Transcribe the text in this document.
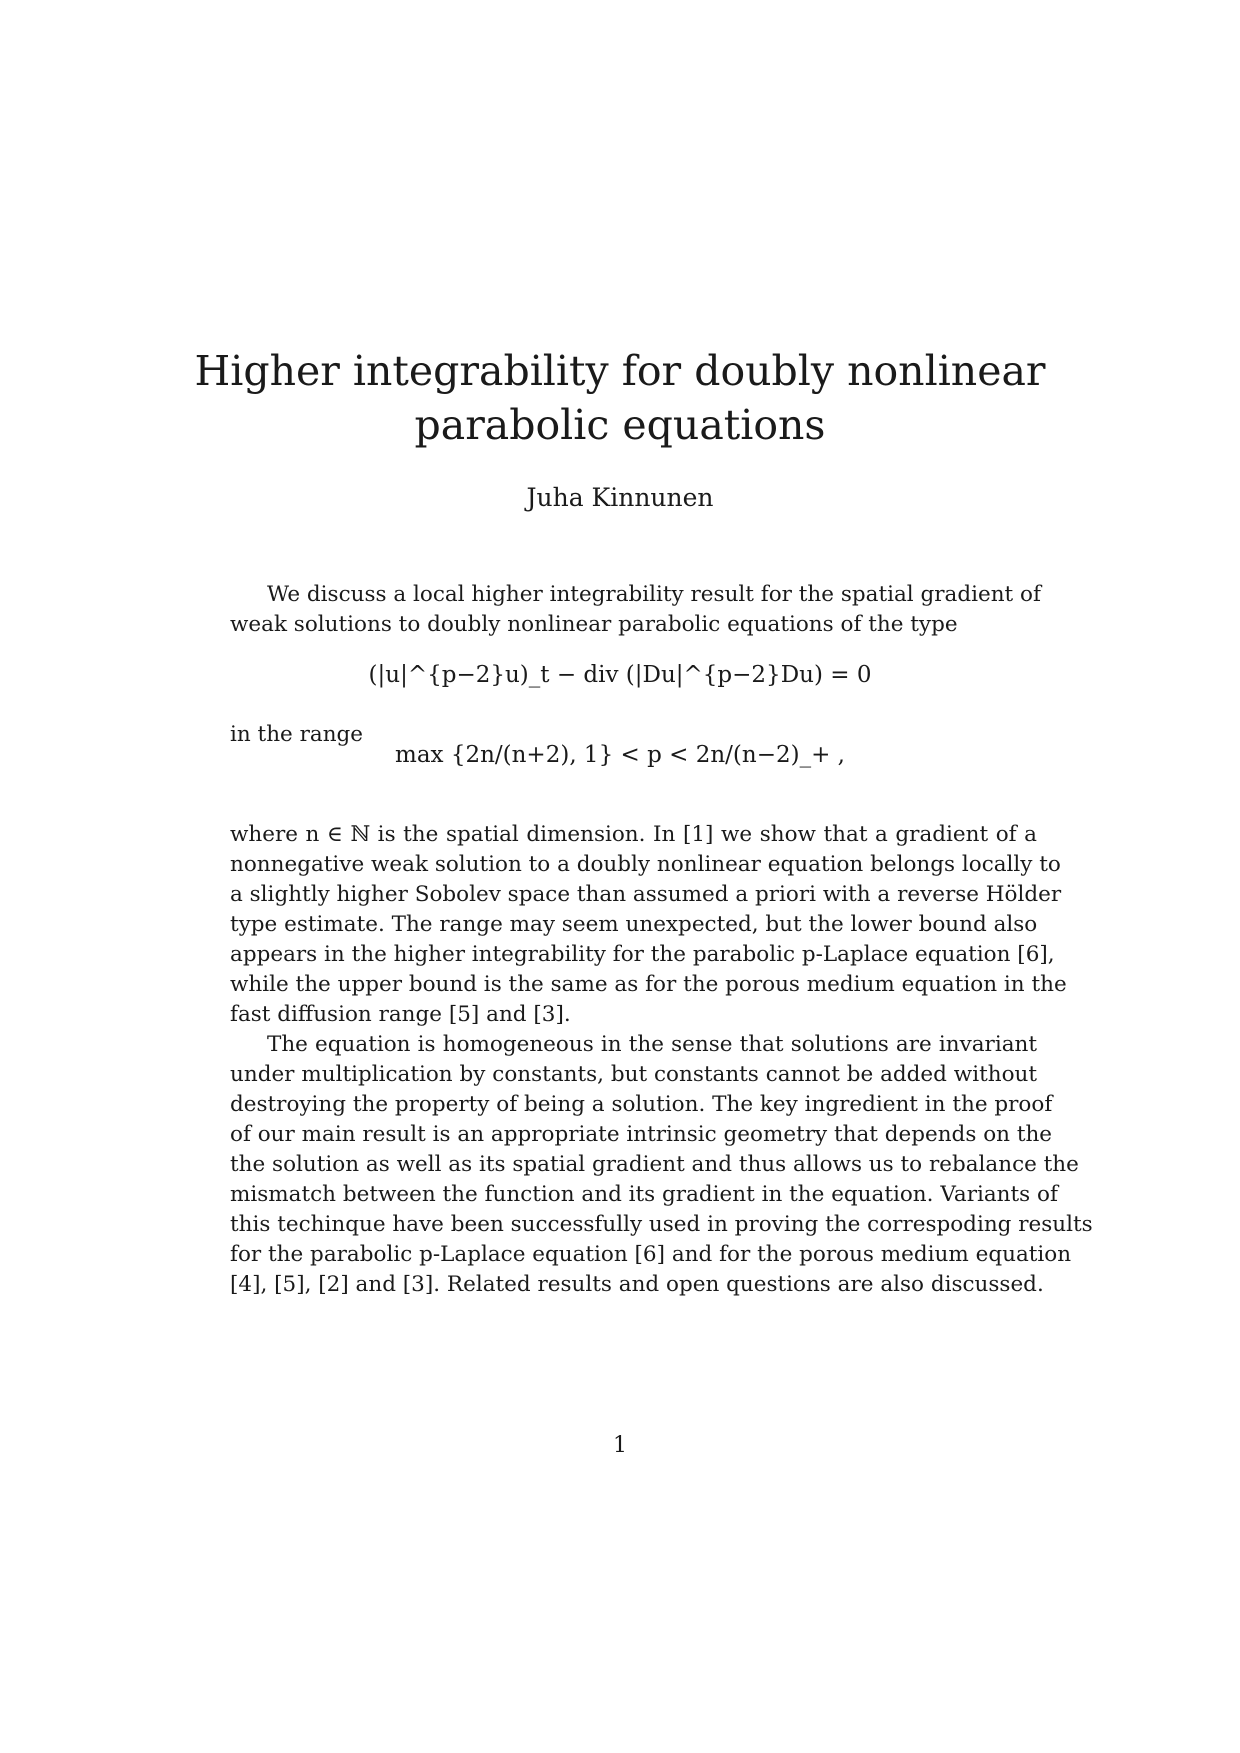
Higher integrability for doubly nonlinear
parabolic equations
Juha Kinnunen

We discuss a local higher integrability result for the spatial gradient of
weak solutions to doubly nonlinear parabolic equations of the type

(|u|^{p−2}u)_t − div (|Du|^{p−2}Du) = 0

in the range

max {2n/(n+2), 1} < p < 2n/(n−2)_+ ,

where n ∈ ℕ is the spatial dimension. In [1] we show that a gradient of a
nonnegative weak solution to a doubly nonlinear equation belongs locally to
a slightly higher Sobolev space than assumed a priori with a reverse Hölder
type estimate. The range may seem unexpected, but the lower bound also
appears in the higher integrability for the parabolic p-Laplace equation [6],
while the upper bound is the same as for the porous medium equation in the
fast diffusion range [5] and [3].
The equation is homogeneous in the sense that solutions are invariant
under multiplication by constants, but constants cannot be added without
destroying the property of being a solution. The key ingredient in the proof
of our main result is an appropriate intrinsic geometry that depends on the
the solution as well as its spatial gradient and thus allows us to rebalance the
mismatch between the function and its gradient in the equation. Variants of
this techinque have been successfully used in proving the correspoding results
for the parabolic p-Laplace equation [6] and for the porous medium equation
[4], [5], [2] and [3]. Related results and open questions are also discussed.

1
